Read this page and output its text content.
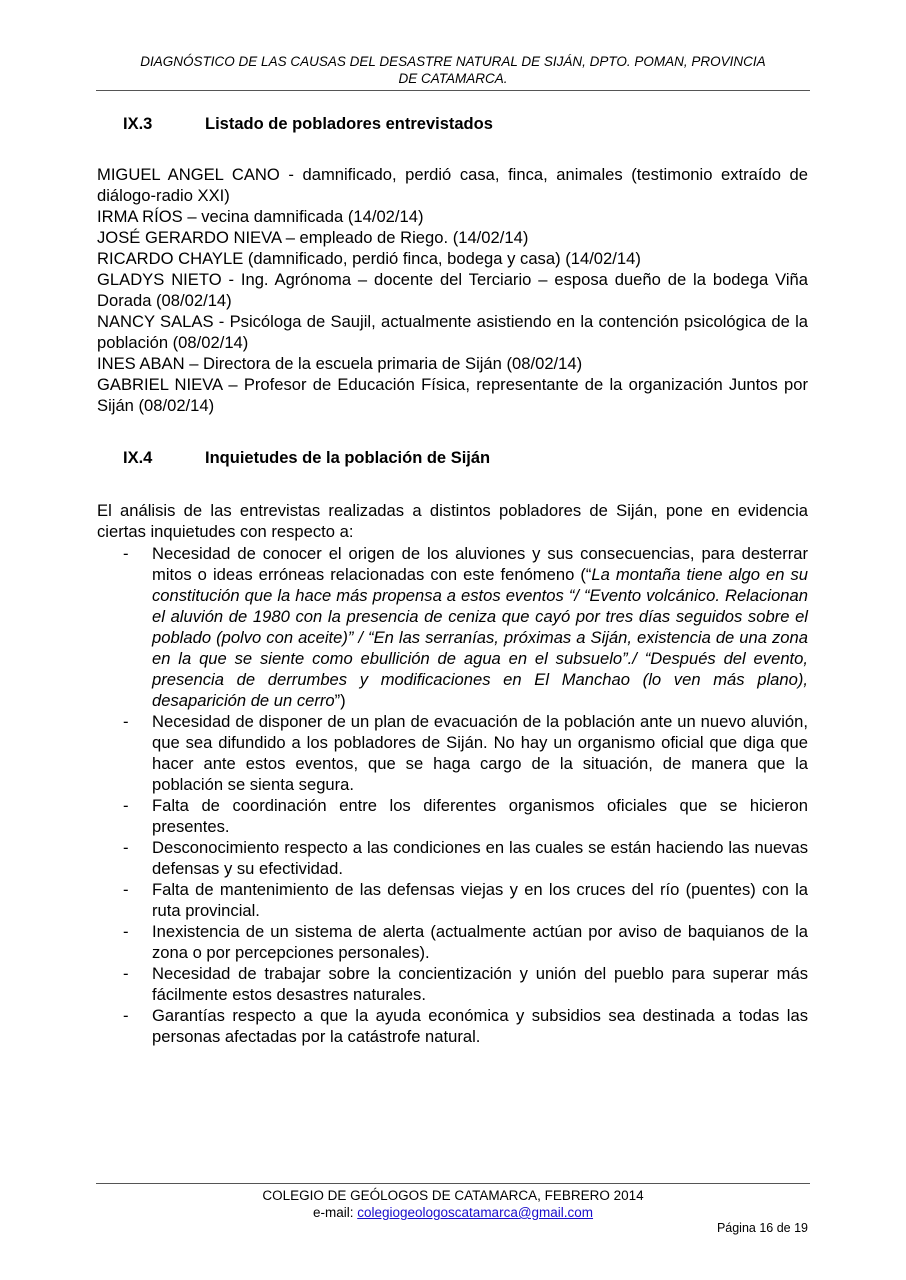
DIAGNÓSTICO DE LAS CAUSAS DEL DESASTRE NATURAL DE SIJÁN, DPTO. POMAN, PROVINCIA
DE CATAMARCA.
IX.3	Listado de pobladores entrevistados

MIGUEL ANGEL CANO - damnificado, perdió casa, finca, animales (testimonio extraído de diálogo-radio XXI)

IRMA RÍOS – vecina damnificada (14/02/14)

JOSÉ GERARDO NIEVA – empleado de Riego. (14/02/14)

RICARDO CHAYLE (damnificado, perdió finca, bodega y casa) (14/02/14)

GLADYS NIETO - Ing. Agrónoma – docente del Terciario – esposa dueño de la bodega Viña Dorada (08/02/14)

NANCY SALAS - Psicóloga de Saujil, actualmente asistiendo en la contención psicológica de la población (08/02/14)

INES ABAN – Directora de la escuela primaria de Siján (08/02/14)

GABRIEL NIEVA – Profesor de Educación Física, representante de la organización Juntos por Siján (08/02/14)

IX.4	Inquietudes de la población de Siján

El análisis de las entrevistas realizadas a distintos pobladores de Siján, pone en evidencia ciertas inquietudes con respecto a:

- Necesidad de conocer el origen de los aluviones y sus consecuencias, para desterrar mitos o ideas erróneas relacionadas con este fenómeno (“La montaña tiene algo en su constitución que la hace más propensa a estos eventos “/ “Evento volcánico. Relacionan el aluvión de 1980 con la presencia de ceniza que cayó por tres días seguidos sobre el poblado (polvo con aceite)” / “En las serranías, próximas a Siján, existencia de una zona en la que se siente como ebullición de agua en el subsuelo”./ “Después del evento, presencia de derrumbes y modificaciones en El Manchao (lo ven más plano), desaparición de un cerro”)
- Necesidad de disponer de un plan de evacuación de la población ante un nuevo aluvión, que sea difundido a los pobladores de Siján. No hay un organismo oficial que diga que hacer ante estos eventos, que se haga cargo de la situación, de manera que la población se sienta segura.
- Falta de coordinación entre los diferentes organismos oficiales que se hicieron presentes.
- Desconocimiento respecto a las condiciones en las cuales se están haciendo las nuevas defensas y su efectividad.
- Falta de mantenimiento de las defensas viejas y en los cruces del río (puentes) con la ruta provincial.
- Inexistencia de un sistema de alerta (actualmente actúan por aviso de baquianos de la zona o por percepciones personales).
- Necesidad de trabajar sobre la concientización y unión del pueblo para superar más fácilmente estos desastres naturales.
- Garantías respecto a que la ayuda económica y subsidios sea destinada a todas las personas afectadas por la catástrofe natural.
COLEGIO DE GEÓLOGOS DE CATAMARCA, FEBRERO 2014
e-mail: colegiogeologoscatamarca@gmail.com
Página 16 de 19
